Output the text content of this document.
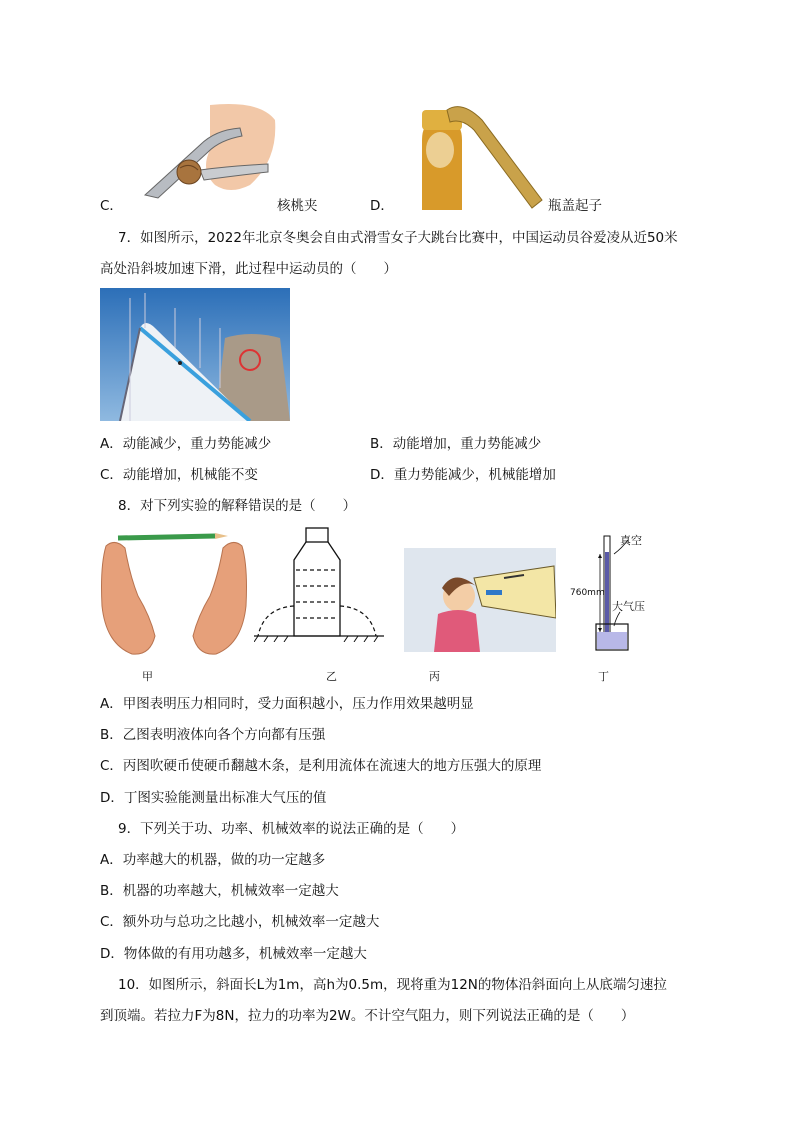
C．	核桃夹	D．	瓶盖起子
7．如图所示，2022年北京冬奥会自由式滑雪女子大跳台比赛中，中国运动员谷爱凌从近50米
高处沿斜坡加速下滑，此过程中运动员的（　　）
A．动能减少，重力势能减少	B．动能增加，重力势能减少
C．动能增加，机械能不变	D．重力势能减少，机械能增加
8．对下列实验的解释错误的是（　　）
真空
760mm
大气压
甲	乙	丙	丁
A．甲图表明压力相同时，受力面积越小，压力作用效果越明显
B．乙图表明液体向各个方向都有压强
C．丙图吹硬币使硬币翻越木条，是利用流体在流速大的地方压强大的原理
D．丁图实验能测量出标准大气压的值
9．下列关于功、功率、机械效率的说法正确的是（　　）
A．功率越大的机器，做的功一定越多
B．机器的功率越大，机械效率一定越大
C．额外功与总功之比越小，机械效率一定越大
D．物体做的有用功越多，机械效率一定越大
10．如图所示，斜面长L为1m，高h为0.5m，现将重为12N的物体沿斜面向上从底端匀速拉
到顶端。若拉力F为8N，拉力的功率为2W。不计空气阻力，则下列说法正确的是（　　）
